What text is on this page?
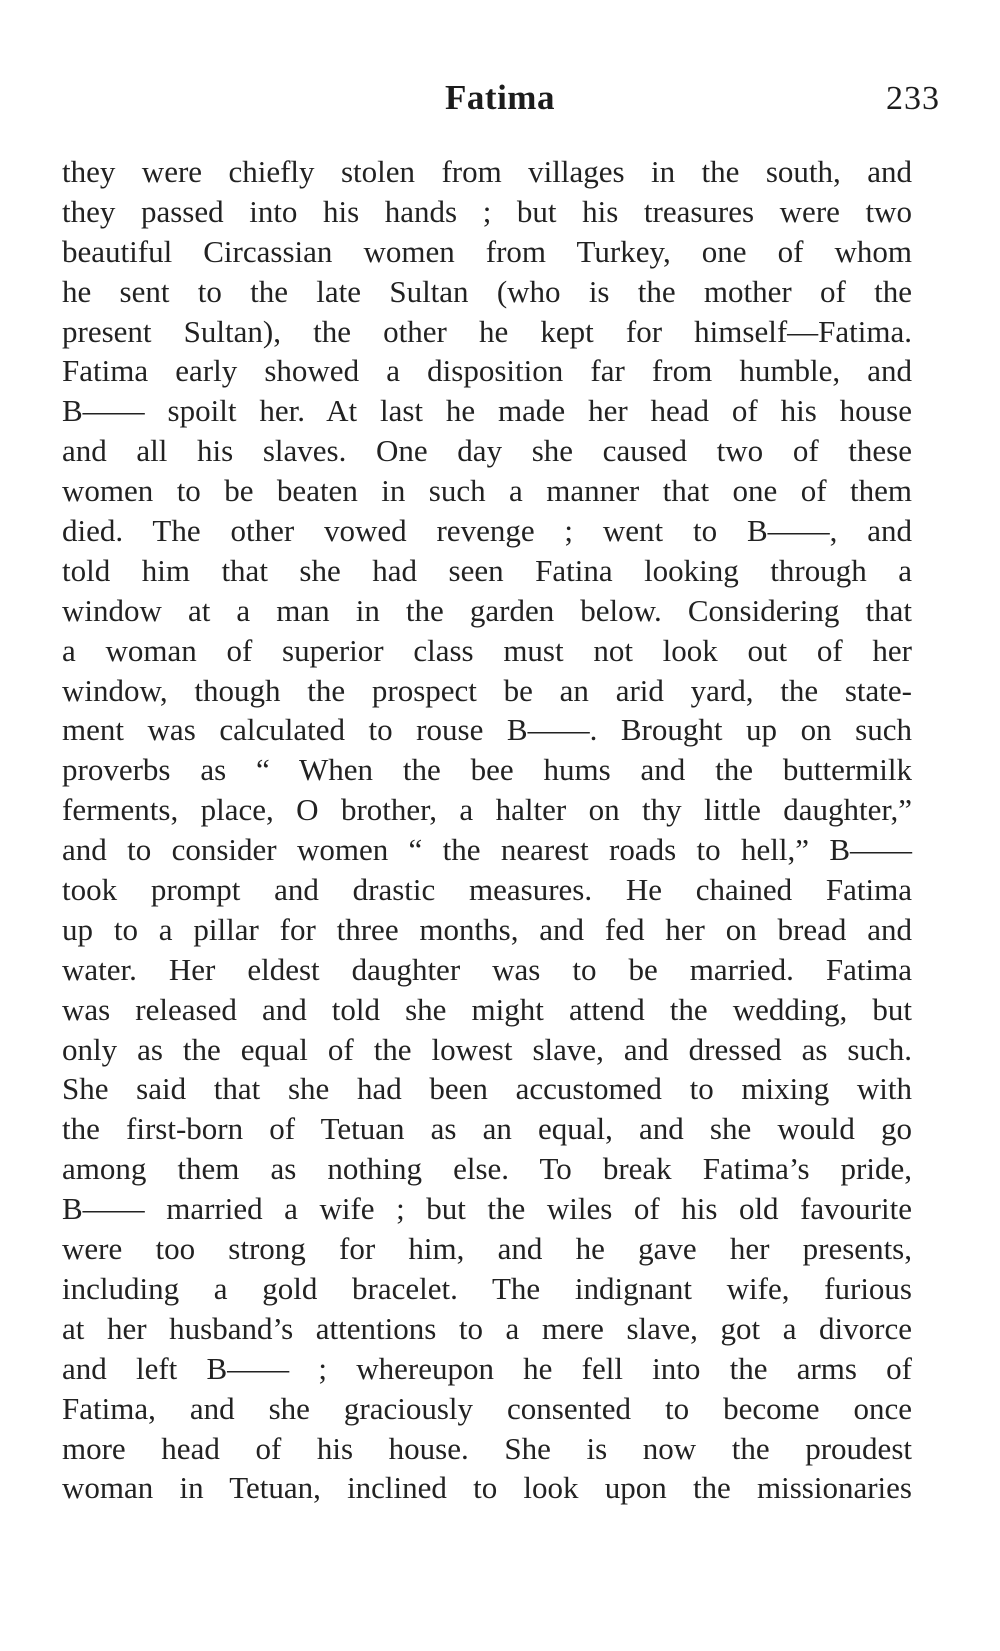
Fatima	233
they were chiefly stolen from villages in the south, and
they passed into his hands ; but his treasures were two
beautiful Circassian women from Turkey, one of whom
he sent to the late Sultan (who is the mother of the
present Sultan), the other he kept for himself—Fatima.
Fatima early showed a disposition far from humble, and
B—— spoilt her. At last he made her head of his house
and all his slaves. One day she caused two of these
women to be beaten in such a manner that one of them
died. The other vowed revenge ; went to B——, and
told him that she had seen Fatina looking through a
window at a man in the garden below. Considering that
a woman of superior class must not look out of her
window, though the prospect be an arid yard, the state-
ment was calculated to rouse B——. Brought up on such
proverbs as “ When the bee hums and the buttermilk
ferments, place, O brother, a halter on thy little daughter,”
and to consider women “ the nearest roads to hell,” B——
took prompt and drastic measures. He chained Fatima
up to a pillar for three months, and fed her on bread and
water. Her eldest daughter was to be married. Fatima
was released and told she might attend the wedding, but
only as the equal of the lowest slave, and dressed as such.
She said that she had been accustomed to mixing with
the first-born of Tetuan as an equal, and she would go
among them as nothing else. To break Fatima’s pride,
B—— married a wife ; but the wiles of his old favourite
were too strong for him, and he gave her presents,
including a gold bracelet. The indignant wife, furious
at her husband’s attentions to a mere slave, got a divorce
and left B—— ; whereupon he fell into the arms of
Fatima, and she graciously consented to become once
more head of his house. She is now the proudest
woman in Tetuan, inclined to look upon the missionaries
